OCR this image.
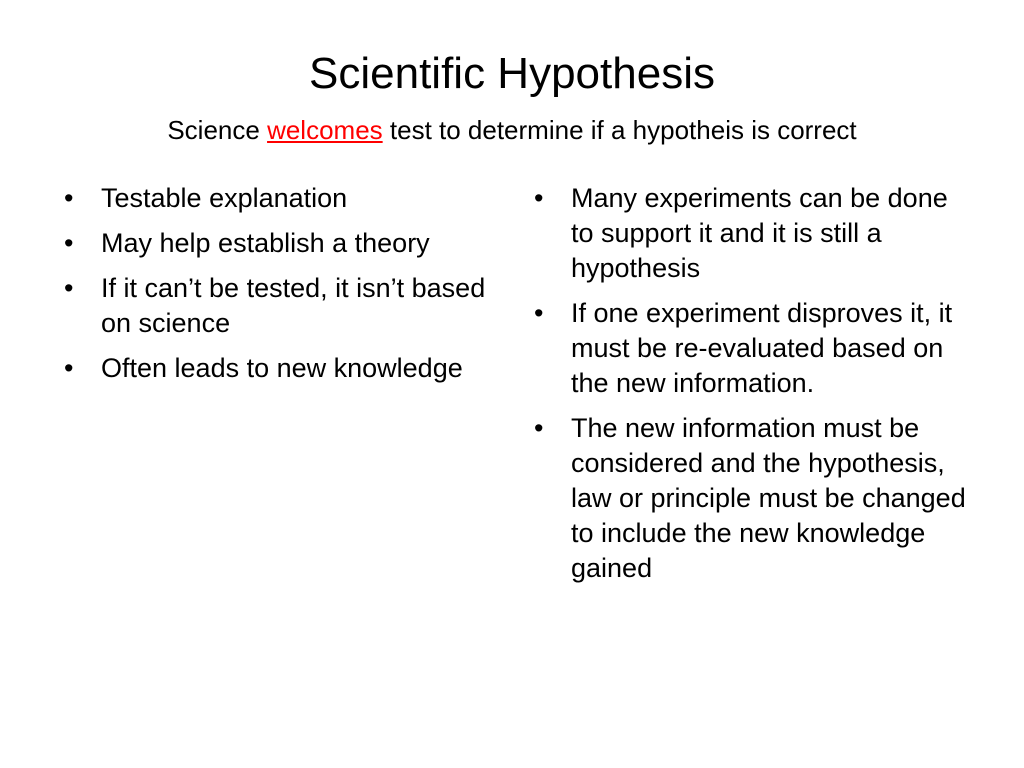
Scientific Hypothesis
Science welcomes test to determine if a hypotheis is correct
• Testable explanation
• May help establish a theory
• If it can’t be tested, it isn’t based on science
• Often leads to new knowledge
• Many experiments can be done to support it and it is still a hypothesis
• If one experiment disproves it, it must be re-evaluated based on the new information.
• The new information must be considered and the hypothesis, law or principle must be changed to include the new knowledge gained
